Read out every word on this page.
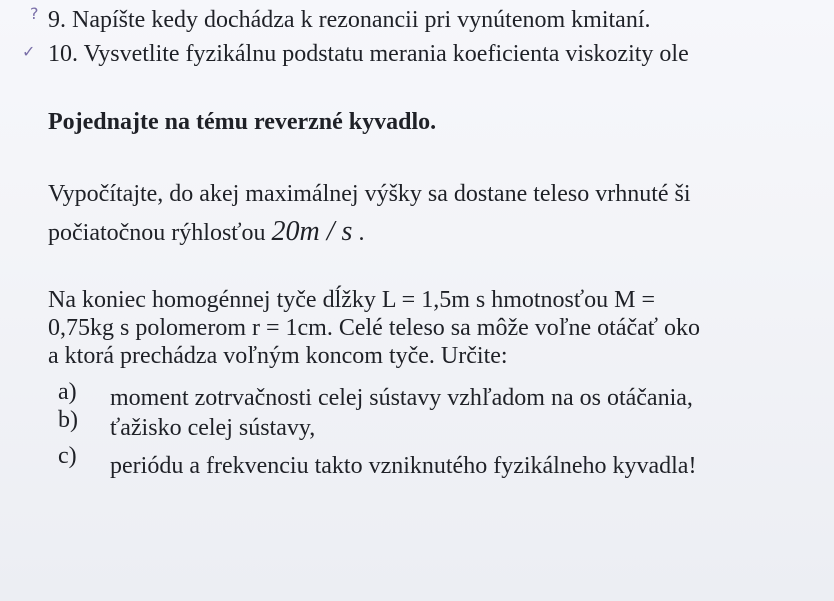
? 9. Napíšte kedy dochádza k rezonancii pri vynútenom kmitaní.
✓ 10. Vysvetlite fyzikálnu podstatu merania koeficienta viskozity ole
Pojednajte na tému reverzné kyvadlo.
Vypočítajte, do akej maximálnej výšky sa dostane teleso vrhnuté ši
počiatočnou rýhlosťou 20m / s .
Na koniec homogénnej tyče dĺžky L = 1,5m s hmotnosťou M =
0,75kg s polomerom r = 1cm. Celé teleso sa môže voľne otáčať oko
a ktorá prechádza voľným koncom tyče. Určite:
a) moment zotrvačnosti celej sústavy vzhľadom na os otáčania,
b) ťažisko celej sústavy,
c) periódu a frekvenciu takto vzniknutého fyzikálneho kyvadla!
